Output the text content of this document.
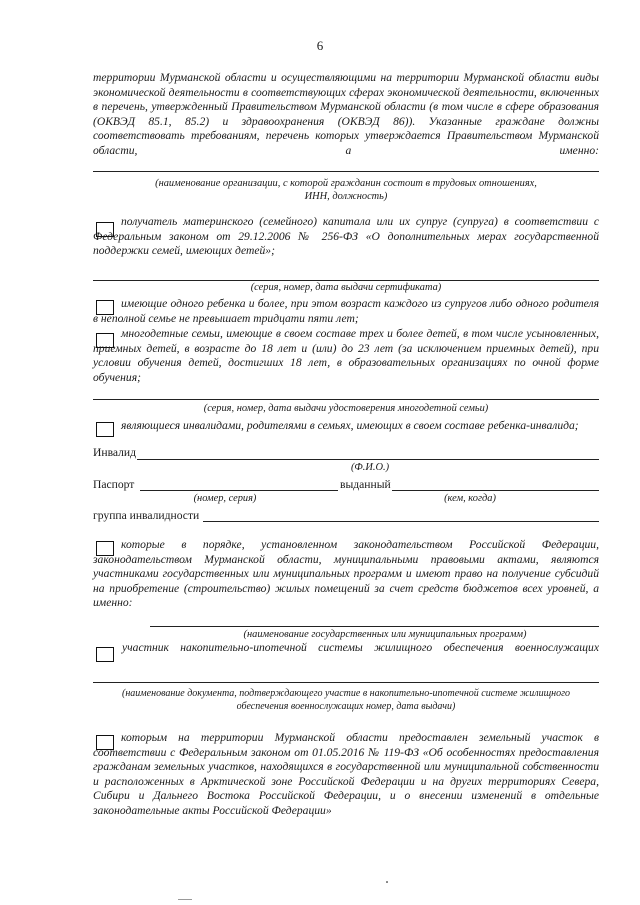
6
территории Мурманской области и осуществляющими на территории Мурманской области виды экономической деятельности в соответствующих сферах экономической деятельности, включенных в перечень, утвержденный Правительством Мурманской области (в том числе в сфере образования (ОКВЭД 85.1, 85.2) и здравоохранения (ОКВЭД 86)). Указанные граждане должны соответствовать требованиям, перечень которых утверждается Правительством Мурманской области, а именно:
(наименование организации, с которой гражданин состоит в трудовых отношениях, ИНН, должность)
получатель материнского (семейного) капитала или их супруг (супруга) в соответствии с Федеральным законом от 29.12.2006 № 256-ФЗ «О дополнительных мерах государственной поддержки семей, имеющих детей»;
(серия, номер, дата выдачи сертификата)
имеющие одного ребенка и более, при этом возраст каждого из супругов либо одного родителя в неполной семье не превышает тридцати пяти лет;
многодетные семьи, имеющие в своем составе трех и более детей, в том числе усыновленных, приемных детей, в возрасте до 18 лет и (или) до 23 лет (за исключением приемных детей), при условии обучения детей, достигших 18 лет, в образовательных организациях по очной форме обучения;
(серия, номер, дата выдачи удостоверения многодетной семьи)
являющиеся инвалидами, родителями в семьях, имеющих в своем составе ребенка-инвалида;
Инвалид
(Ф.И.О.)
Паспорт	выданный
(номер, серия)	(кем, когда)
группа инвалидности
которые в порядке, установленном законодательством Российской Федерации, законодательством Мурманской области, муниципальными правовыми актами, являются участниками государственных или муниципальных программ и имеют право на получение субсидий на приобретение (строительство) жилых помещений за счет средств бюджетов всех уровней, а именно:
(наименование государственных или муниципальных программ)
участник накопительно-ипотечной системы жилищного обеспечения военнослужащих
(наименование документа, подтверждающего участие в накопительно-ипотечной системе жилищного обеспечения военнослужащих номер, дата выдачи)
которым на территории Мурманской области предоставлен земельный участок в соответствии с Федеральным законом от 01.05.2016 № 119-ФЗ «Об особенностях предоставления гражданам земельных участков, находящихся в государственной или муниципальной собственности и расположенных в Арктической зоне Российской Федерации и на других территориях Севера, Сибири и Дальнего Востока Российской Федерации, и о внесении изменений в отдельные законодательные акты Российской Федерации»
